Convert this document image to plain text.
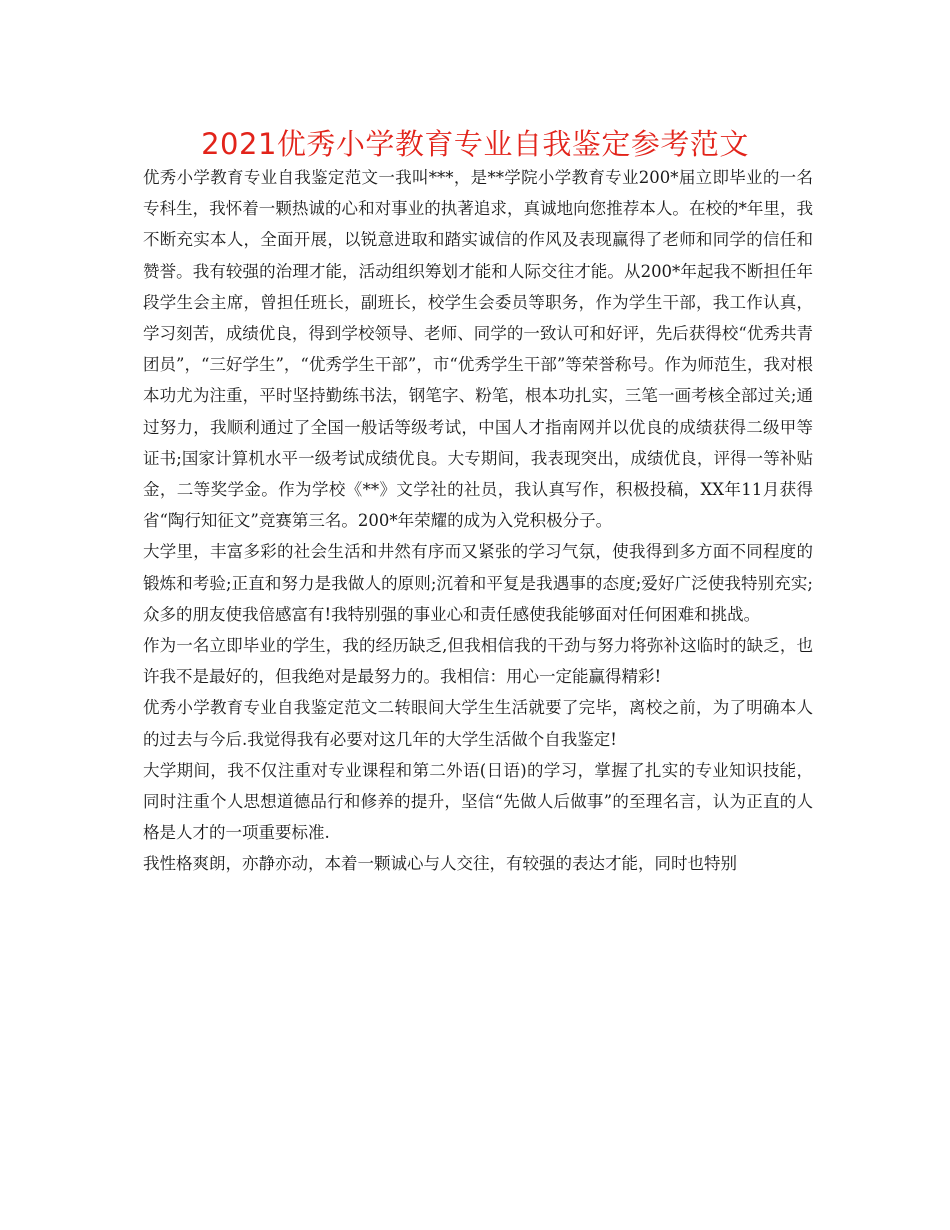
2021优秀小学教育专业自我鉴定参考范文

优秀小学教育专业自我鉴定范文一我叫***，是**学院小学教育专业200*届立即毕业的一名专科生，我怀着一颗热诚的心和对事业的执著追求，真诚地向您推荐本人。在校的*年里，我不断充实本人，全面开展，以锐意进取和踏实诚信的作风及表现赢得了老师和同学的信任和赞誉。我有较强的治理才能，活动组织筹划才能和人际交往才能。从200*年起我不断担任年段学生会主席，曾担任班长，副班长，校学生会委员等职务，作为学生干部，我工作认真，学习刻苦，成绩优良，得到学校领导、老师、同学的一致认可和好评，先后获得校“优秀共青团员”，“三好学生”，“优秀学生干部”，市“优秀学生干部”等荣誉称号。作为师范生，我对根本功尤为注重，平时坚持勤练书法，钢笔字、粉笔，根本功扎实，三笔一画考核全部过关;通过努力，我顺利通过了全国一般话等级考试，中国人才指南网并以优良的成绩获得二级甲等证书;国家计算机水平一级考试成绩优良。大专期间，我表现突出，成绩优良，评得一等补贴金，二等奖学金。作为学校《**》文学社的社员，我认真写作，积极投稿，XX年11月获得省“陶行知征文”竞赛第三名。200*年荣耀的成为入党积极分子。

大学里，丰富多彩的社会生活和井然有序而又紧张的学习气氛，使我得到多方面不同程度的锻炼和考验;正直和努力是我做人的原则;沉着和平复是我遇事的态度;爱好广泛使我特别充实;众多的朋友使我倍感富有!我特别强的事业心和责任感使我能够面对任何困难和挑战。

作为一名立即毕业的学生，我的经历缺乏,但我相信我的干劲与努力将弥补这临时的缺乏，也许我不是最好的，但我绝对是最努力的。我相信：用心一定能赢得精彩!

优秀小学教育专业自我鉴定范文二转眼间大学生生活就要了完毕，离校之前，为了明确本人的过去与今后.我觉得我有必要对这几年的大学生活做个自我鉴定!

大学期间，我不仅注重对专业课程和第二外语(日语)的学习，掌握了扎实的专业知识技能，同时注重个人思想道德品行和修养的提升，坚信“先做人后做事”的至理名言，认为正直的人格是人才的一项重要标准.

我性格爽朗，亦静亦动，本着一颗诚心与人交往，有较强的表达才能，同时也特别
